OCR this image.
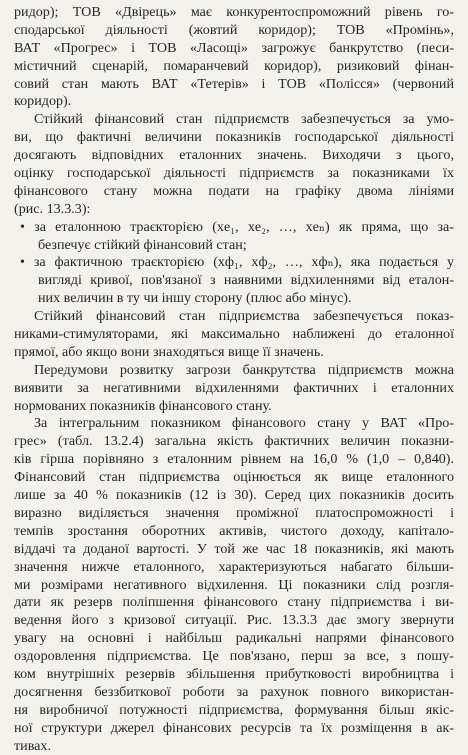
ридор); ТОВ «Двірець» має конкурентоспроможний рівень го-
сподарської діяльності (жовтий коридор); ТОВ «Промінь»,
ВАТ «Прогрес» і ТОВ «Ласощі» загрожує банкрутство (песи-
містичний сценарій, помаранчевий коридор), ризиковий фінан-
совий стан мають ВАТ «Тетерів» і ТОВ «Полісся» (червоний
коридор).
Стійкий фінансовий стан підприємств забезпечується за умо-
ви, що фактичні величини показників господарської діяльності
досягають відповідних еталонних значень. Виходячи з цього,
оцінку господарської діяльності підприємств за показниками їх
фінансового стану можна подати на графіку двома лініями
(рис. 13.3.3):
• за еталонною траєкторією (xe₁, xe₂, …, xeₙ) як пряма, що за-
безпечує стійкий фінансовий стан;
• за фактичною траєкторією (xф₁, xф₂, …, xфₙ), яка подається у
вигляді кривої, пов'язаної з наявними відхиленнями від еталон-
них величин в ту чи іншу сторону (плюс або мінус).
Стійкий фінансовий стан підприємства забезпечується показ-
никами-стимуляторами, які максимально наближені до еталонної
прямої, або якщо вони знаходяться вище її значень.
Передумови розвитку загрози банкрутства підприємств можна
виявити за негативними відхиленнями фактичних і еталонних
нормованих показників фінансового стану.
За інтегральним показником фінансового стану у ВАТ «Про-
грес» (табл. 13.2.4) загальна якість фактичних величин показни-
ків гірша порівняно з еталонним рівнем на 16,0 % (1,0 – 0,840).
Фінансовий стан підприємства оцінюється як вище еталонного
лише за 40 % показників (12 із 30). Серед цих показників досить
виразно виділяється значення проміжної платоспроможності і
темпів зростання оборотних активів, чистого доходу, капітало-
віддачі та доданої вартості. У той же час 18 показників, які мають
значення нижче еталонного, характеризуються набагато більши-
ми розмірами негативного відхилення. Ці показники слід розгля-
дати як резерв поліпшення фінансового стану підприємства і ви-
ведення його з кризової ситуації. Рис. 13.3.3 дає змогу звернути
увагу на основні і найбільш радикальні напрями фінансового
оздоровлення підприємства. Це пов'язано, перш за все, з пошу-
ком внутрішніх резервів збільшення прибутковості виробництва і
досягнення беззбиткової роботи за рахунок повного використан-
ня виробничої потужності підприємства, формування більш якіс-
ної структури джерел фінансових ресурсів та їх розміщення в ак-
тивах.
